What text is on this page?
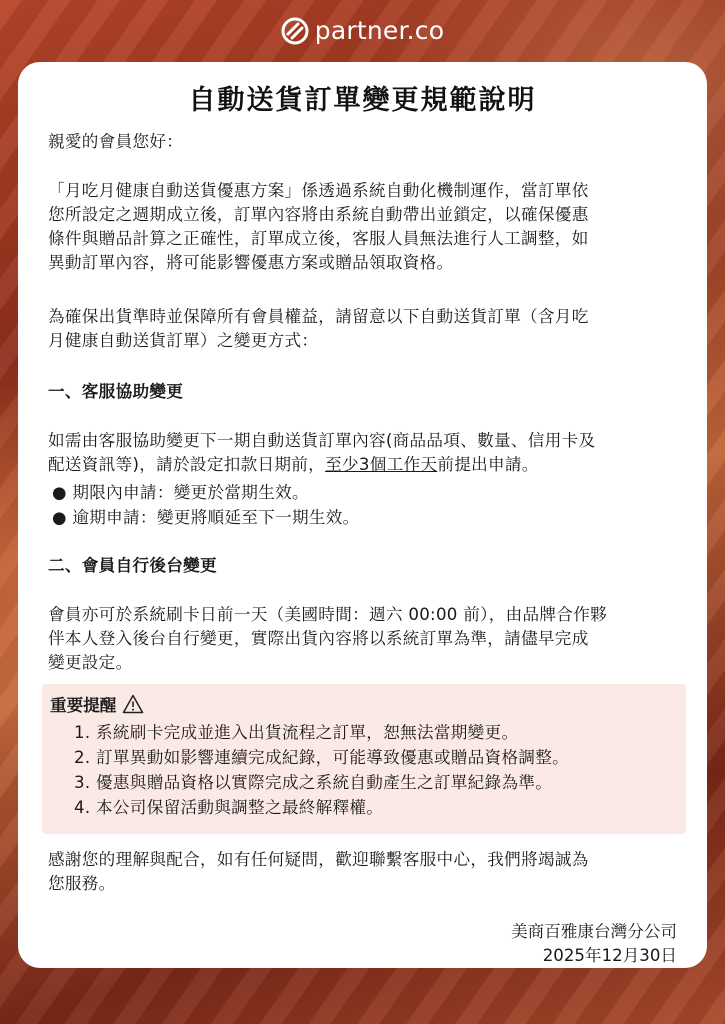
partner.co
自動送貨訂單變更規範說明
親愛的會員您好：
「月吃月健康自動送貨優惠方案」係透過系統自動化機制運作，當訂單依
您所設定之週期成立後，訂單內容將由系統自動帶出並鎖定，以確保優惠
條件與贈品計算之正確性，訂單成立後，客服人員無法進行人工調整，如
異動訂單內容，將可能影響優惠方案或贈品領取資格。
為確保出貨準時並保障所有會員權益，請留意以下自動送貨訂單（含月吃
月健康自動送貨訂單）之變更方式：
一、客服協助變更
如需由客服協助變更下一期自動送貨訂單內容(商品品項、數量、信用卡及
配送資訊等)，請於設定扣款日期前，至少3個工作天前提出申請。
● 期限內申請：變更於當期生效。
● 逾期申請：變更將順延至下一期生效。
二、會員自行後台變更
會員亦可於系統刷卡日前一天（美國時間：週六 00:00 前），由品牌合作夥
伴本人登入後台自行變更，實際出貨內容將以系統訂單為準，請儘早完成
變更設定。
重要提醒
1. 系統刷卡完成並進入出貨流程之訂單，恕無法當期變更。
2. 訂單異動如影響連續完成紀錄，可能導致優惠或贈品資格調整。
3. 優惠與贈品資格以實際完成之系統自動產生之訂單紀錄為準。
4. 本公司保留活動與調整之最終解釋權。
感謝您的理解與配合，如有任何疑問，歡迎聯繫客服中心，我們將竭誠為
您服務。
美商百雅康台灣分公司
2025年12月30日
